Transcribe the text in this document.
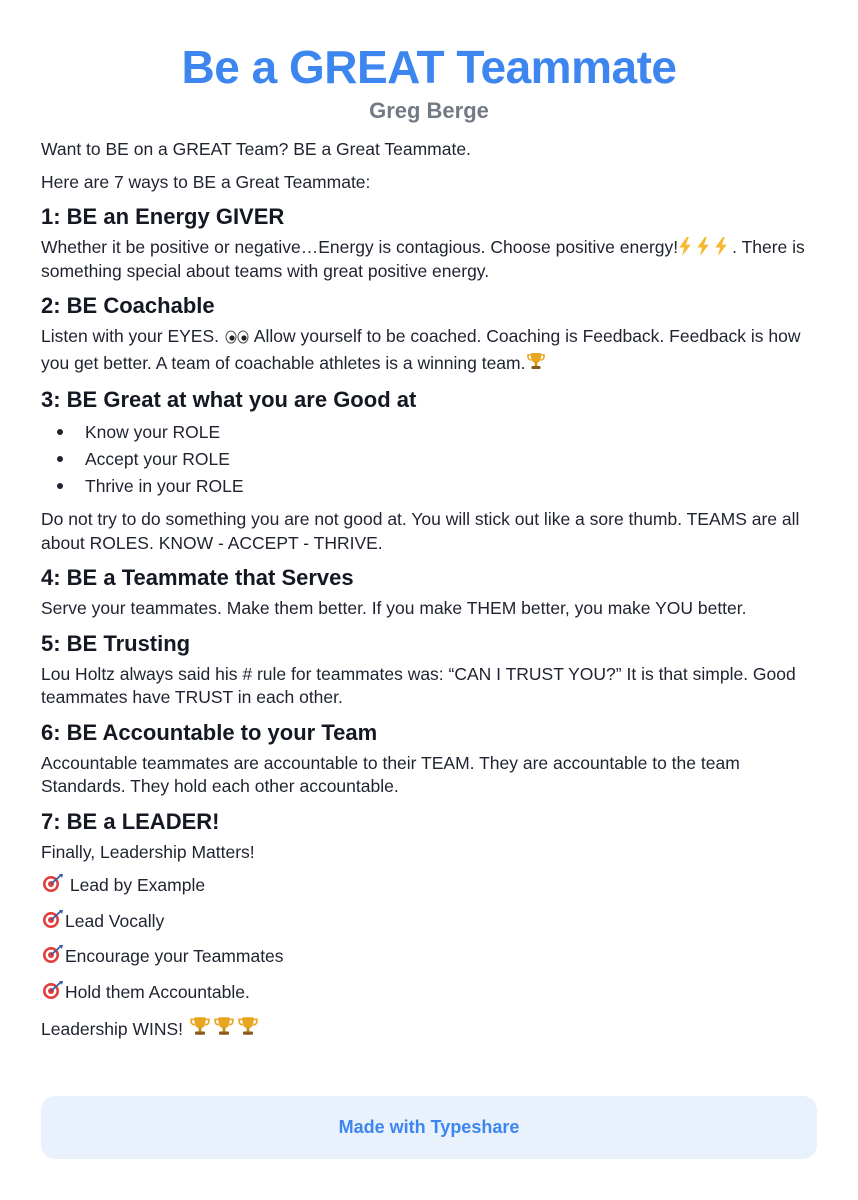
Be a GREAT Teammate
Greg Berge

Want to BE on a GREAT Team? BE a Great Teammate.

Here are 7 ways to BE a Great Teammate:

1: BE an Energy GIVER

Whether it be positive or negative…Energy is contagious. Choose positive energy!	. There is something special about teams with great positive energy.

2: BE Coachable

Listen with your EYES. Allow yourself to be coached. Coaching is Feedback. Feedback is how you get better. A team of coachable athletes is a winning team.

3: BE Great at what you are Good at
Know your ROLE
Accept your ROLE
Thrive in your ROLE

Do not try to do something you are not good at. You will stick out like a sore thumb. TEAMS are all about ROLES. KNOW - ACCEPT - THRIVE.

4: BE a Teammate that Serves

Serve your teammates. Make them better. If you make THEM better, you make YOU better.

5: BE Trusting

Lou Holtz always said his # rule for teammates was: “CAN I TRUST YOU?” It is that simple. Good teammates have TRUST in each other.

6: BE Accountable to your Team

Accountable teammates are accountable to their TEAM. They are accountable to the team Standards. They hold each other accountable.

7: BE a LEADER!

Finally, Leadership Matters!

Lead by Example

Lead Vocally

Encourage your Teammates

Hold them Accountable.

Leadership WINS!

Made with Typeshare
